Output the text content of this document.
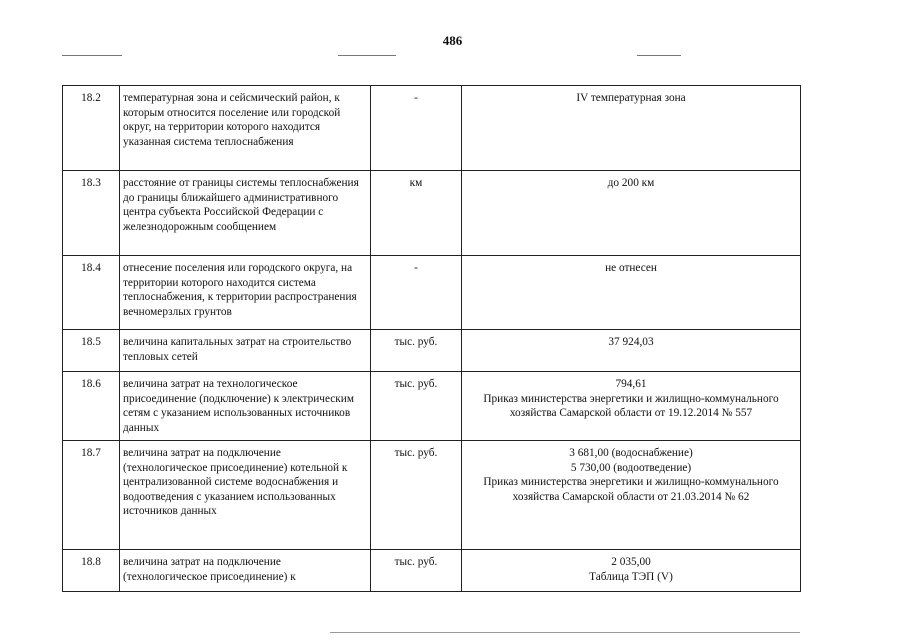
486
18.2	температурная зона и сейсмический район, к которым относится поселение или городской округ, на территории которого находится указанная система теплоснабжения	-	IV температурная зона

18.3	расстояние от границы системы теплоснабжения до границы ближайшего административного центра субъекта Российской Федерации с железнодорожным сообщением	км	до 200 км

18.4	отнесение поселения или городского округа, на территории которого находится система теплоснабжения, к территории распространения вечномерзлых грунтов	-	не отнесен

18.5	величина капитальных затрат на строительство тепловых сетей	тыс. руб.	37 924,03

18.6	величина затрат на технологическое присоединение (подключение) к электрическим сетям с указанием использованных источников данных	тыс. руб.	794,61
Приказ министерства энергетики и жилищно-коммунального хозяйства Самарской области от 19.12.2014 № 557

18.7	величина затрат на подключение (технологическое присоединение) котельной к централизованной системе водоснабжения и водоотведения с указанием использованных источников данных	тыс. руб.	3 681,00 (водоснабжение)
5 730,00 (водоотведение)
Приказ министерства энергетики и жилищно-коммунального хозяйства Самарской области от 21.03.2014 № 62

18.8	величина затрат на подключение (технологическое присоединение) к	тыс. руб.	2 035,00
Таблица ТЭП (V)
